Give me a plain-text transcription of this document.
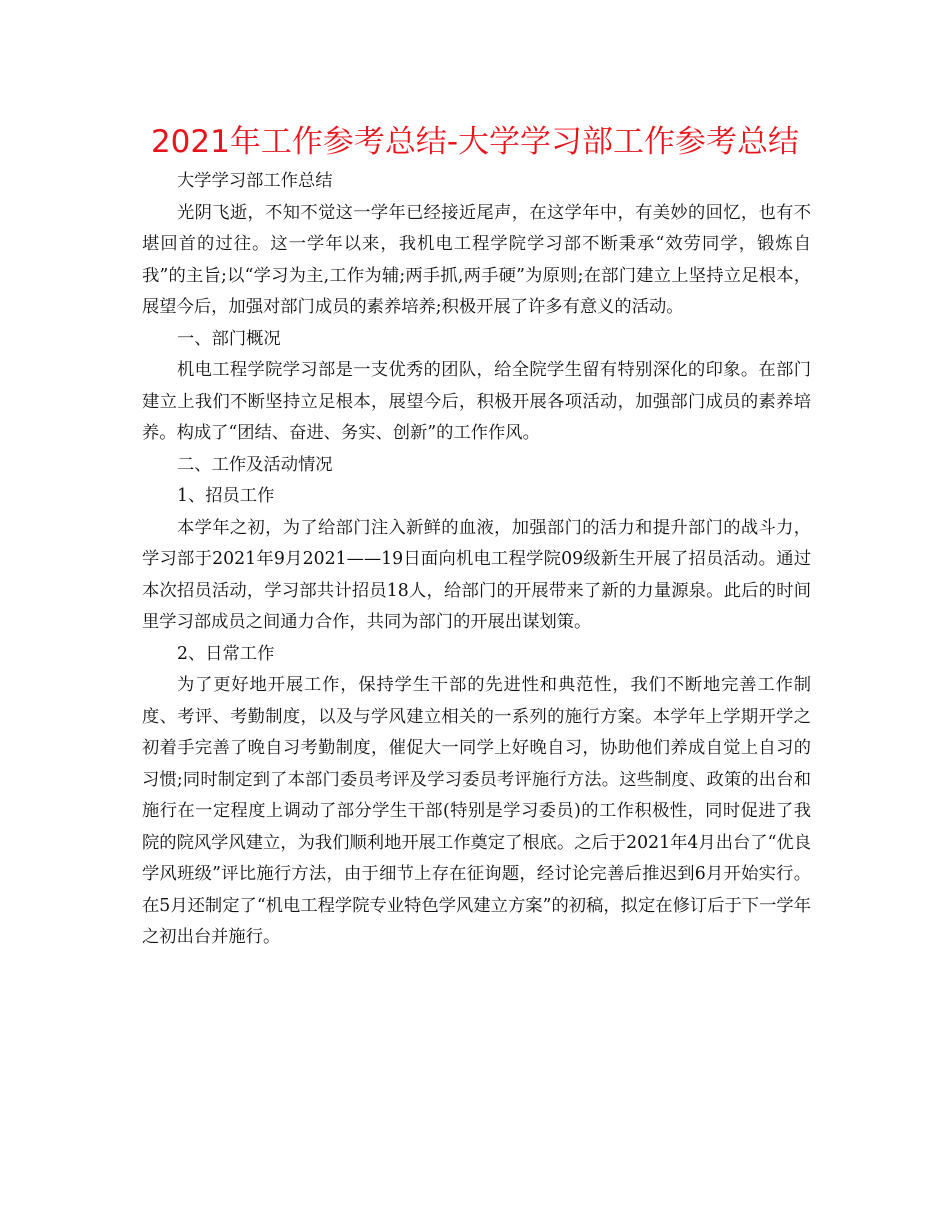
2021年工作参考总结-大学学习部工作参考总结

大学学习部工作总结

光阴飞逝，不知不觉这一学年已经接近尾声，在这学年中，有美妙的回忆，也有不堪回首的过往。这一学年以来，我机电工程学院学习部不断秉承“效劳同学，锻炼自我”的主旨;以“学习为主,工作为辅;两手抓,两手硬”为原则;在部门建立上坚持立足根本，展望今后，加强对部门成员的素养培养;积极开展了许多有意义的活动。

一、部门概况

机电工程学院学习部是一支优秀的团队，给全院学生留有特别深化的印象。在部门建立上我们不断坚持立足根本，展望今后，积极开展各项活动，加强部门成员的素养培养。构成了“团结、奋进、务实、创新”的工作作风。

二、工作及活动情况

1、招员工作

本学年之初，为了给部门注入新鲜的血液，加强部门的活力和提升部门的战斗力，学习部于2021年9月2021——19日面向机电工程学院09级新生开展了招员活动。通过本次招员活动，学习部共计招员18人，给部门的开展带来了新的力量源泉。此后的时间里学习部成员之间通力合作，共同为部门的开展出谋划策。

2、日常工作

为了更好地开展工作，保持学生干部的先进性和典范性，我们不断地完善工作制度、考评、考勤制度，以及与学风建立相关的一系列的施行方案。本学年上学期开学之初着手完善了晚自习考勤制度，催促大一同学上好晚自习，协助他们养成自觉上自习的习惯;同时制定到了本部门委员考评及学习委员考评施行方法。这些制度、政策的出台和施行在一定程度上调动了部分学生干部(特别是学习委员)的工作积极性，同时促进了我院的院风学风建立，为我们顺利地开展工作奠定了根底。之后于2021年4月出台了“优良学风班级”评比施行方法，由于细节上存在征询题，经讨论完善后推迟到6月开始实行。在5月还制定了“机电工程学院专业特色学风建立方案”的初稿，拟定在修订后于下一学年之初出台并施行。
